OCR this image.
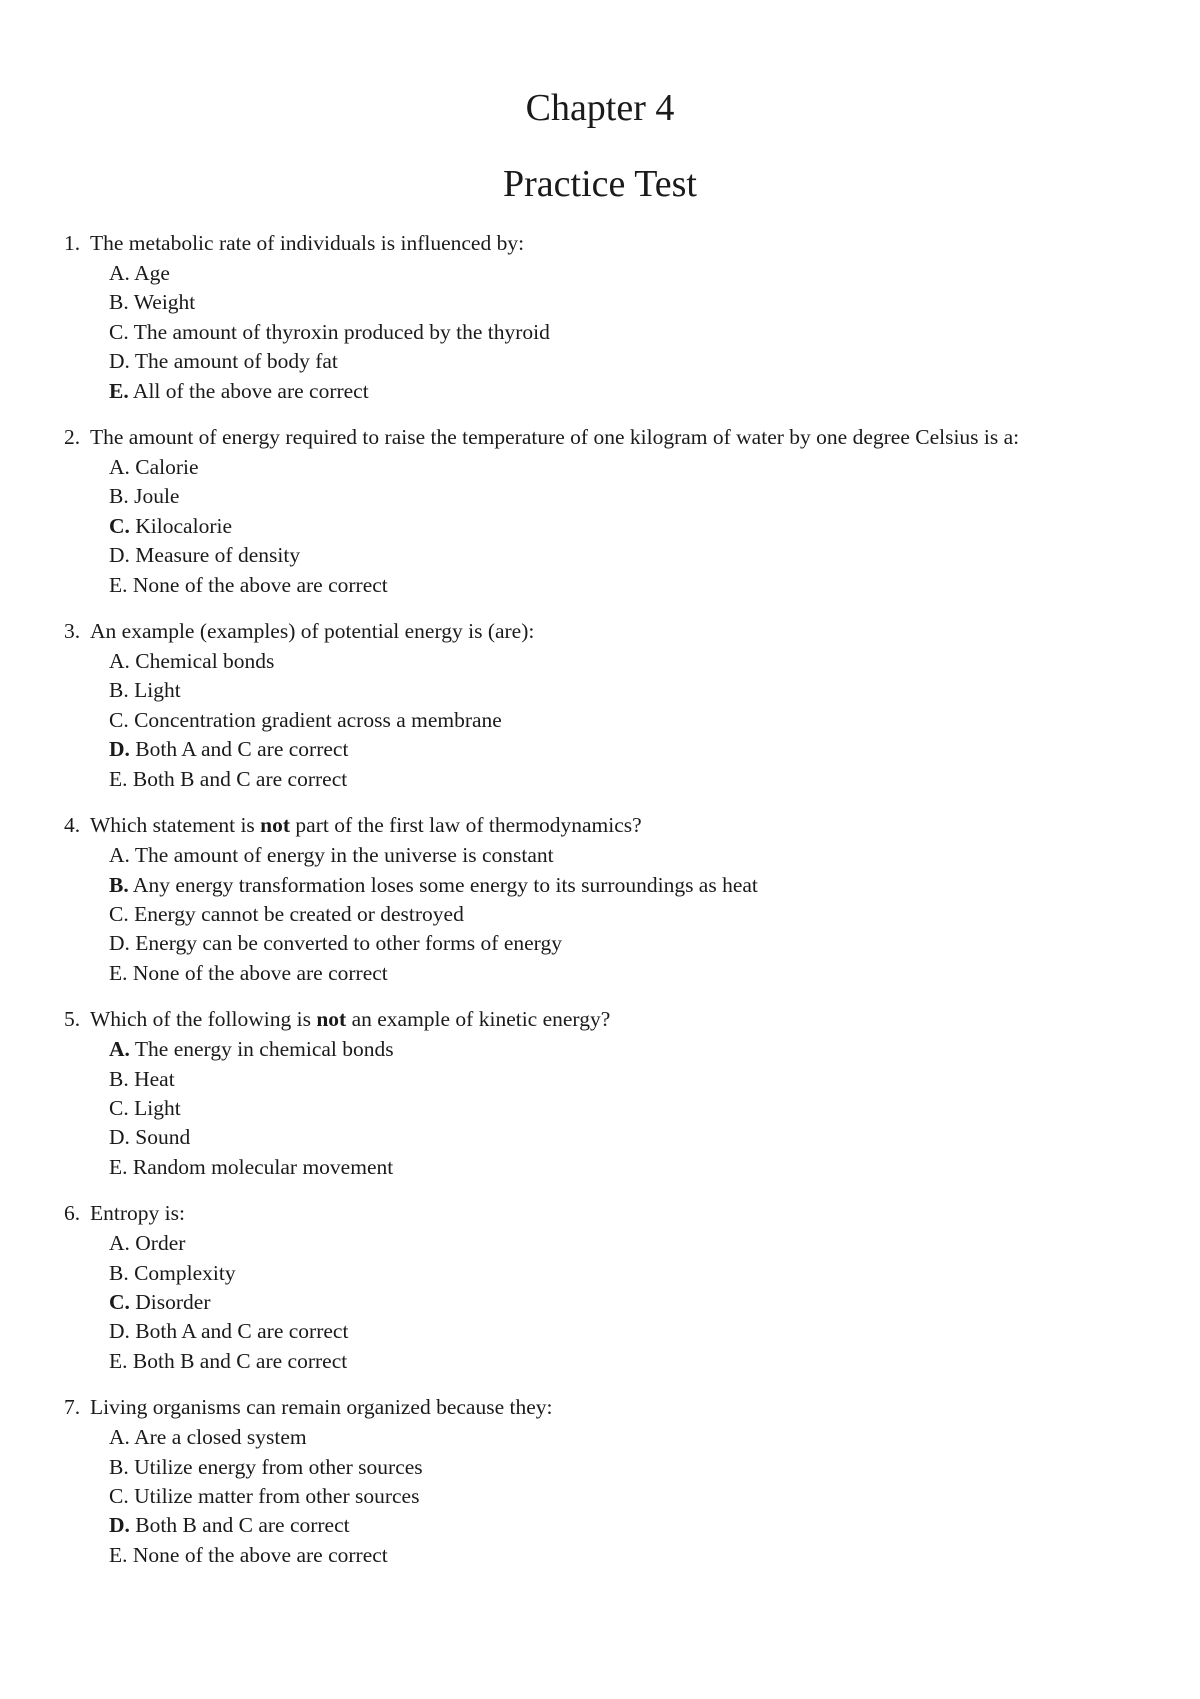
Chapter 4
Practice Test
1. The metabolic rate of individuals is influenced by:
A. Age
B. Weight
C. The amount of thyroxin produced by the thyroid
D. The amount of body fat
E. All of the above are correct
2. The amount of energy required to raise the temperature of one kilogram of water by one degree Celsius is a:
A. Calorie
B. Joule
C. Kilocalorie
D. Measure of density
E. None of the above are correct
3. An example (examples) of potential energy is (are):
A. Chemical bonds
B. Light
C. Concentration gradient across a membrane
D. Both A and C are correct
E. Both B and C are correct
4. Which statement is not part of the first law of thermodynamics?
A. The amount of energy in the universe is constant
B. Any energy transformation loses some energy to its surroundings as heat
C. Energy cannot be created or destroyed
D. Energy can be converted to other forms of energy
E. None of the above are correct
5. Which of the following is not an example of kinetic energy?
A. The energy in chemical bonds
B. Heat
C. Light
D. Sound
E. Random molecular movement
6. Entropy is:
A. Order
B. Complexity
C. Disorder
D. Both A and C are correct
E. Both B and C are correct
7. Living organisms can remain organized because they:
A. Are a closed system
B. Utilize energy from other sources
C. Utilize matter from other sources
D. Both B and C are correct
E. None of the above are correct
